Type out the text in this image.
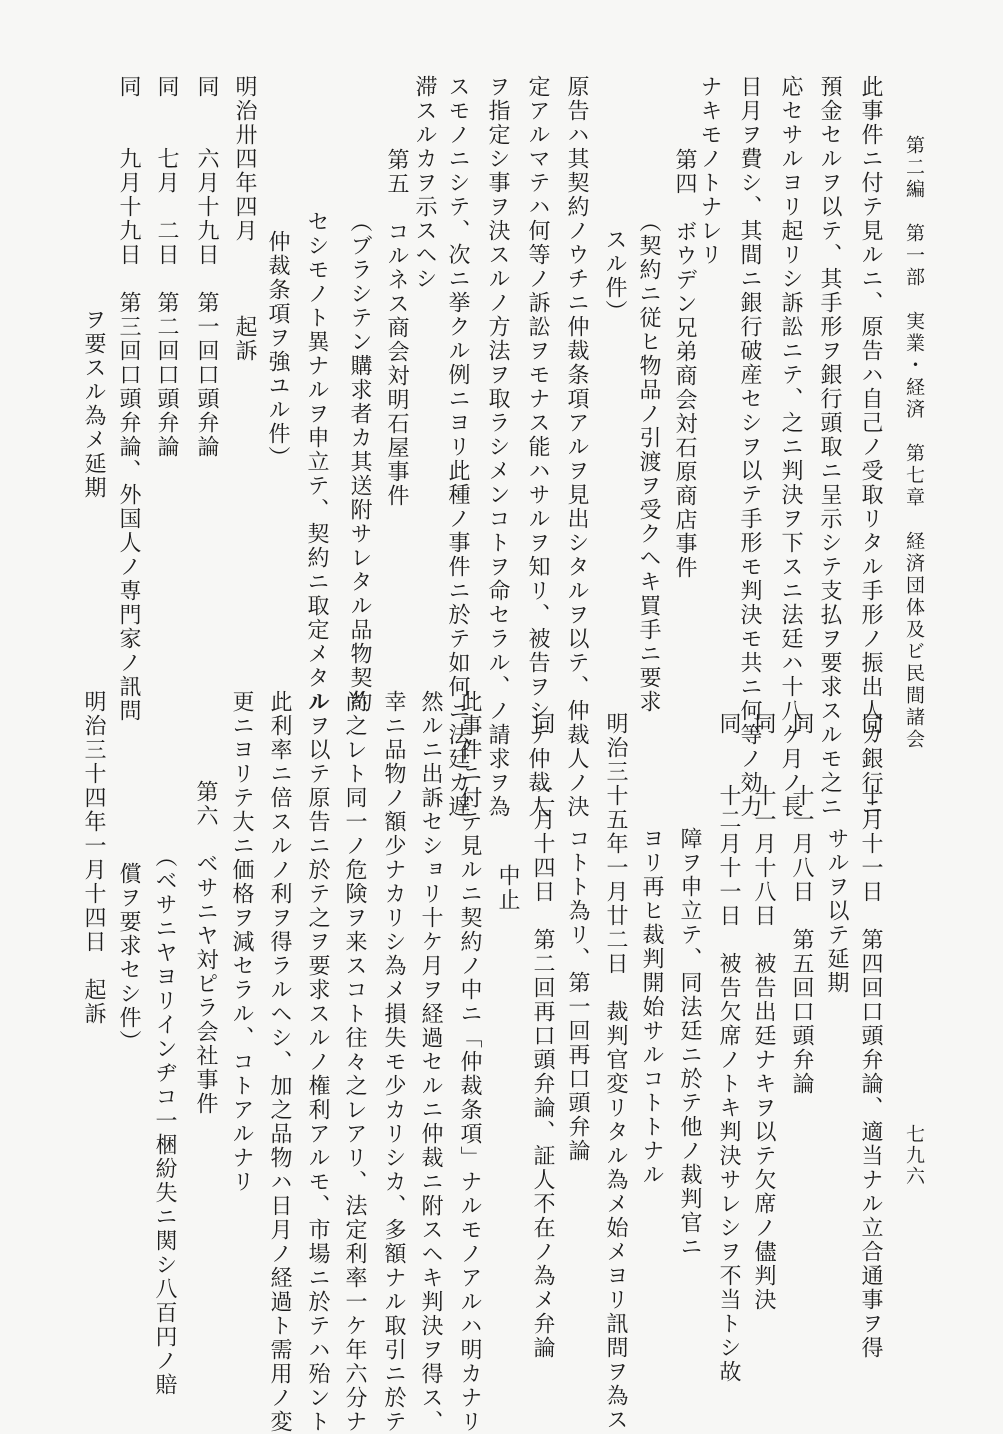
第二編　第一部　実業・経済　第七章　経済団体及ビ民間諸会
七九六
此事件ニ付テ見ルニ、原告ハ自己ノ受取リタル手形ノ振出人カ銀行ニ
預金セルヲ以テ、其手形ヲ銀行頭取ニ呈示シテ支払ヲ要求スルモ之ニ
応セサルヨリ起リシ訴訟ニテ、之ニ判決ヲ下スニ法廷ハ十八ケ月ノ長
日月ヲ費シ、其間ニ銀行破産セシヲ以テ手形モ判決モ共ニ何等ノ効力
ナキモノトナレリ
第四　ボウデン兄弟商会対石原商店事件
（契約ニ従ヒ物品ノ引渡ヲ受クヘキ買手ニ要求
スル件）
原告ハ其契約ノウチニ仲裁条項アルヲ見出シタルヲ以テ、仲裁人ノ決
定アルマテハ何等ノ訴訟ヲモナス能ハサルヲ知リ、被告ヲシテ仲裁人
ヲ指定シ事ヲ決スルノ方法ヲ取ラシメンコトヲ命セラル、ノ請求ヲ為
スモノニシテ、次ニ挙クル例ニヨリ此種ノ事件ニ於テ如何ニ法廷カ遅
滞スルカヲ示スヘシ
第五　コルネス商会対明石屋事件
（ブラシテン購求者カ其送附サレタル品物契約
セシモノト異ナルヲ申立テ、契約ニ取定メタル
仲裁条項ヲ強ユル件）
明治卅四年四月　　　起訴
同　　六月十九日　第一回口頭弁論
同　　七月　二日　第二回口頭弁論
同　　九月十九日　第三回口頭弁論、外国人ノ専門家ノ訊問
ヲ要スル為メ延期
同　　十月十一日　第四回口頭弁論、適当ナル立合通事ヲ得
サルヲ以テ延期
同　　十一月八日　第五回口頭弁論
同　　十一月十八日　被告出廷ナキヲ以テ欠席ノ儘判決
同　　十二月十一日　被告欠席ノトキ判決サレシヲ不当トシ故
障ヲ申立テ、同法廷ニ於テ他ノ裁判官ニ
ヨリ再ヒ裁判開始サルコトトナル
明治三十五年一月廿二日　裁判官変リタル為メ始メヨリ訊問ヲ為ス
コトト為リ、第一回再口頭弁論
同　　二月十四日　第二回再口頭弁論、証人不在ノ為メ弁論
中止
此事件ニ付テ見ルニ契約ノ中ニ「仲裁条項」ナルモノアルハ明カナリ
然ルニ出訴セショリ十ケ月ヲ経過セルニ仲裁ニ附スヘキ判決ヲ得ス、
幸ニ品物ノ額少ナカリシ為メ損失モ少カリシカ、多額ナル取引ニ於テ
尚之レト同一ノ危険ヲ来スコト往々之レアリ、法定利率一ケ年六分ナ
ルヲ以テ原告ニ於テ之ヲ要求スルノ権利アルモ、市場ニ於テハ殆ント
此利率ニ倍スルノ利ヲ得ラルヘシ、加之品物ハ日月ノ経過ト需用ノ変
更ニヨリテ大ニ価格ヲ減セラル、コトアルナリ
第六　ベサニヤ対ピラ会社事件
（ベサニヤヨリインヂコ一梱紛失ニ関シ八百円ノ賠
償ヲ要求セシ件）
明治三十四年一月十四日　起訴
